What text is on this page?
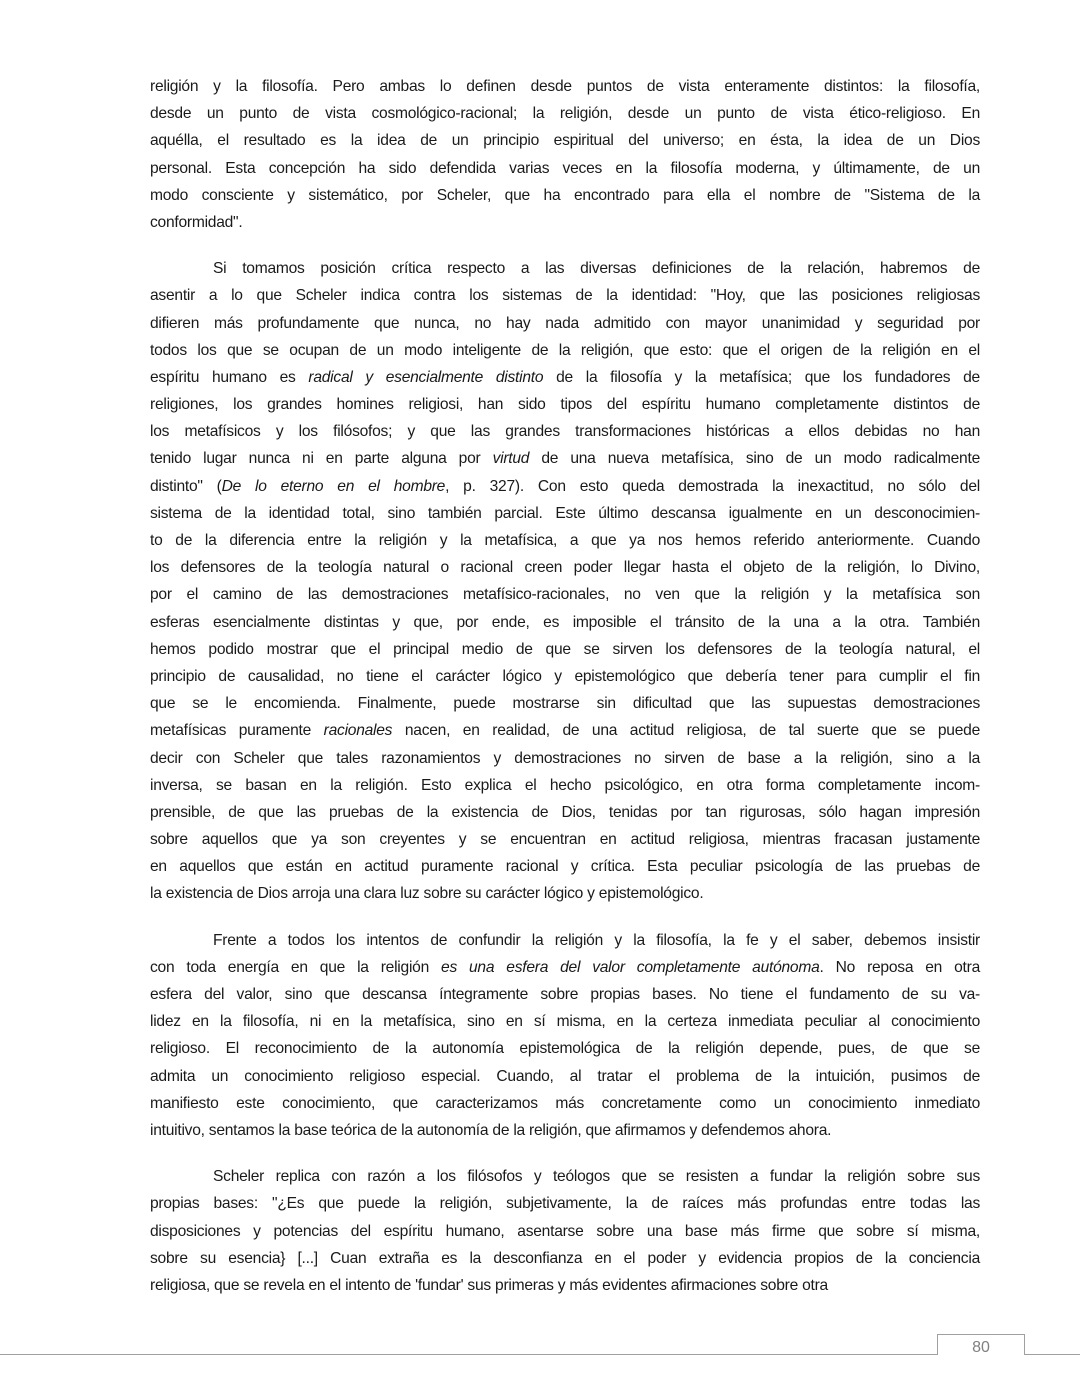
religión y la filosofía. Pero ambas lo definen desde puntos de vista enteramente distintos: la filosofía,
desde un punto de vista cosmológico-racional; la religión, desde un punto de vista ético-religioso. En
aquélla, el resultado es la idea de un principio espiritual del universo; en ésta, la idea de un Dios
personal. Esta concepción ha sido defendida varias veces en la filosofía moderna, y últimamente, de un
modo consciente y sistemático, por Scheler, que ha encontrado para ella el nombre de "Sistema de la
conformidad".
Si tomamos posición crítica respecto a las diversas definiciones de la relación, habremos de
asentir a lo que Scheler indica contra los sistemas de la identidad: "Hoy, que las posiciones religiosas
difieren más profundamente que nunca, no hay nada admitido con mayor unanimidad y seguridad por
todos los que se ocupan de un modo inteligente de la religión, que esto: que el origen de la religión en el
espíritu humano es radical y esencialmente distinto de la filosofía y la metafísica; que los fundadores de
religiones, los grandes homines religiosi, han sido tipos del espíritu humano completamente distintos de
los metafísicos y los filósofos; y que las grandes transformaciones históricas a ellos debidas no han
tenido lugar nunca ni en parte alguna por virtud de una nueva metafísica, sino de un modo radicalmente
distinto" (De lo eterno en el hombre, p. 327). Con esto queda demostrada la inexactitud, no sólo del
sistema de la identidad total, sino también parcial. Este último descansa igualmente en un desconocimien-
to de la diferencia entre la religión y la metafísica, a que ya nos hemos referido anteriormente. Cuando
los defensores de la teología natural o racional creen poder llegar hasta el objeto de la religión, lo Divino,
por el camino de las demostraciones metafísico-racionales, no ven que la religión y la metafísica son
esferas esencialmente distintas y que, por ende, es imposible el tránsito de la una a la otra. También
hemos podido mostrar que el principal medio de que se sirven los defensores de la teología natural, el
principio de causalidad, no tiene el carácter lógico y epistemológico que debería tener para cumplir el fin
que se le encomienda. Finalmente, puede mostrarse sin dificultad que las supuestas demostraciones
metafísicas puramente racionales nacen, en realidad, de una actitud religiosa, de tal suerte que se puede
decir con Scheler que tales razonamientos y demostraciones no sirven de base a la religión, sino a la
inversa, se basan en la religión. Esto explica el hecho psicológico, en otra forma completamente incom-
prensible, de que las pruebas de la existencia de Dios, tenidas por tan rigurosas, sólo hagan impresión
sobre aquellos que ya son creyentes y se encuentran en actitud religiosa, mientras fracasan justamente
en aquellos que están en actitud puramente racional y crítica. Esta peculiar psicología de las pruebas de
la existencia de Dios arroja una clara luz sobre su carácter lógico y epistemológico.
Frente a todos los intentos de confundir la religión y la filosofía, la fe y el saber, debemos insistir
con toda energía en que la religión es una esfera del valor completamente autónoma. No reposa en otra
esfera del valor, sino que descansa íntegramente sobre propias bases. No tiene el fundamento de su va-
lidez en la filosofía, ni en la metafísica, sino en sí misma, en la certeza inmediata peculiar al conocimiento
religioso. El reconocimiento de la autonomía epistemológica de la religión depende, pues, de que se
admita un conocimiento religioso especial. Cuando, al tratar el problema de la intuición, pusimos de
manifiesto este conocimiento, que caracterizamos más concretamente como un conocimiento inmediato
intuitivo, sentamos la base teórica de la autonomía de la religión, que afirmamos y defendemos ahora.
Scheler replica con razón a los filósofos y teólogos que se resisten a fundar la religión sobre sus
propias bases: "¿Es que puede la religión, subjetivamente, la de raíces más profundas entre todas las
disposiciones y potencias del espíritu humano, asentarse sobre una base más firme que sobre sí misma,
sobre su esencia} [...] Cuan extraña es la desconfianza en el poder y evidencia propios de la conciencia
religiosa, que se revela en el intento de 'fundar' sus primeras y más evidentes afirmaciones sobre otra
80
